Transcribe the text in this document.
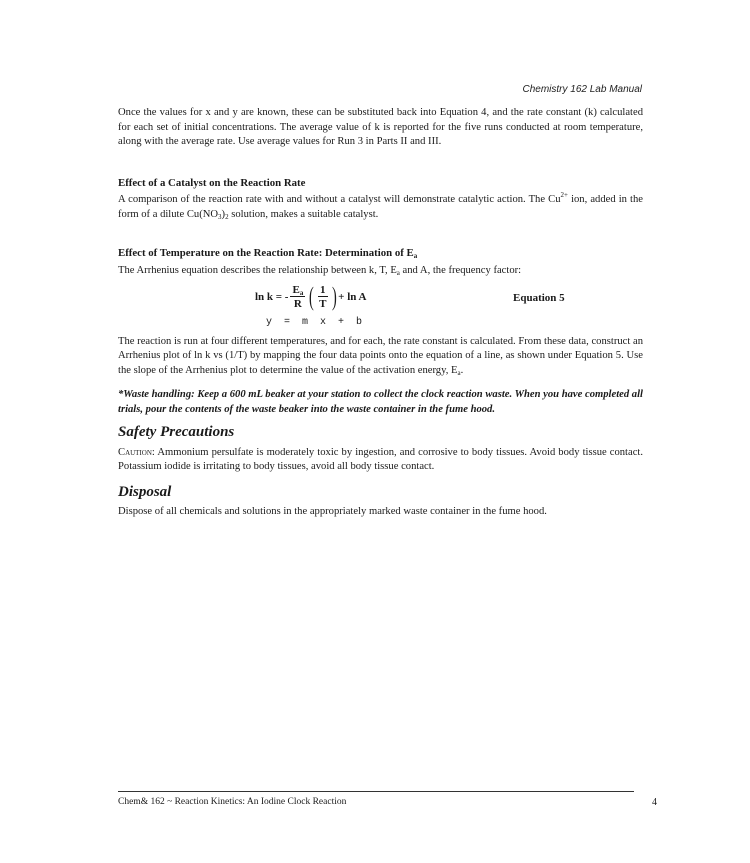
Chemistry 162 Lab Manual

Once the values for x and y are known, these can be substituted back into Equation 4, and the rate constant (k) calculated for each set of initial concentrations. The average value of k is reported for the five runs conducted at room temperature, along with the average rate. Use average values for Run 3 in Parts II and III.

Effect of a Catalyst on the Reaction Rate

A comparison of the reaction rate with and without a catalyst will demonstrate catalytic action. The $Cu^{2+}$ ion, added in the form of a dilute $Cu(NO_3)_2$ solution, makes a suitable catalyst.

Effect of Temperature on the Reaction Rate: Determination of $E_a$

The Arrhenius equation describes the relationship between k, T, $E_a$ and A, the frequency factor:

ln k = - $\frac{E_a}{R}$ ( $\frac{1}{T}$ ) + ln A	Equation 5
y  =  m  x  +  b

The reaction is run at four different temperatures, and for each, the rate constant is calculated. From these data, construct an Arrhenius plot of ln k vs (1/T) by mapping the four data points onto the equation of a line, as shown under Equation 5. Use the slope of the Arrhenius plot to determine the value of the activation energy, $E_a$.

*Waste handling: Keep a 600 mL beaker at your station to collect the clock reaction waste. When you have completed all trials, pour the contents of the waste beaker into the waste container in the fume hood.

Safety Precautions

Caution: Ammonium persulfate is moderately toxic by ingestion, and corrosive to body tissues. Avoid body tissue contact. Potassium iodide is irritating to body tissues, avoid all body tissue contact.

Disposal

Dispose of all chemicals and solutions in the appropriately marked waste container in the fume hood.

Chem& 162 ~ Reaction Kinetics: An Iodine Clock Reaction	4
